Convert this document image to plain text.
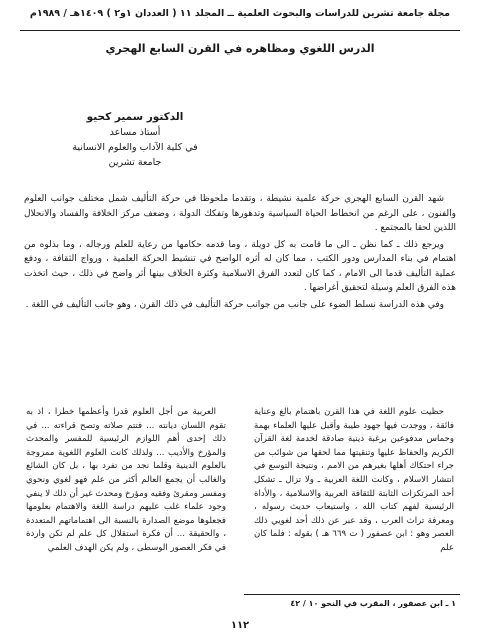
مجلة جامعة تشرين للدراسات والبحوث العلمية ــ المجلد ١١ ( العددان ١و٢ ) ١٤٠٩هـ / ١٩٨٩م
الدرس اللغوي ومظاهره في القرن السابع الهجري
الدكتور سمير كحيو
أستاذ مساعد
في كلية الآداب والعلوم الانسانية
جامعة تشرين

شهد القرن السابع الهجري حركة علمية نشيطة ، وتقدما ملحوظا في حركة التأليف شمل مختلف جوانب العلوم والفنون ، على الرغم من انحطاط الحياة السياسية وتدهورها وتفكك الدولة ، وضعف مركز الخلافة والفساد والانحلال اللذين لحقا بالمجتمع .

ويرجع ذلك ـ كما نظن ـ الى ما قامت به كل دويلة ، وما قدمه حكامها من رعاية للعلم ورجاله ، وما بذلوه من اهتمام في بناء المدارس ودور الكتب ، مما كان له أثره الواضح في تنشيط الحركة العلمية ، ورواج الثقافة ، ودفع عملية التأليف قدما الى الامام ، كما كان لتعدد الفرق الاسلامية وكثرة الخلاف بينها أثر واضح في ذلك ، حيث اتخذت هذه الفرق العلم وسيلة لتحقيق أغراضها .

وفي هذه الدراسة نسلط الضوء على جانب من جوانب حركة التأليف في ذلك القرن ، وهو جانب التأليف في اللغة .

حظيت علوم اللغة في هذا القرن باهتمام بالغ وعناية فائقة ، ووجدت فيها جهود طيبة وأقبل عليها العلماء بهمة وحماس مدفوعين برغبة دينية صادقة لخدمة لغة القرآن الكريم والحفاظ عليها وتنقيتها مما لحقها من شوائب من جراء احتكاك أهلها بغيرهم من الامم ، ونتيجة التوسع في انتشار الاسلام ، وكانت اللغة العربية ـ ولا تزال ـ تشكل أحد المرتكزات الثابتة للثقافة العربية والاسلامية ، والأداة الرئيسية لفهم كتاب الله ، واستيعاب حديث رسوله ، ومعرفة تراث العرب ، وقد عبر عن ذلك أحد لغويي ذلك العصر وهو : ابن عصفور ( ت ٦٦٩ هـ ) بقوله : فلما كان علم

العربية من أجل العلوم قدرا وأعظمها خطرا ، اذ به تقوم اللسان ديانته ... فتتم صلاته وتصح قراءته ... في ذلك إحدى أهم اللوازم الرئيسية للمفسر والمحدث والمؤرخ والأديب ... ولذلك كانت العلوم اللغوية ممزوجة بالعلوم الدينية وقلما نجد من تفرد بها ، بل كان الشائع والغالب أن يجمع العالم أكثر من علم فهو لغوي ونحوي ومفسر ومقرئ وفقيه ومؤرخ ومحدث غير أن ذلك لا ينفي وجود علماء غلب عليهم دراسة اللغة والاهتمام بعلومها فجعلوها موضع الصدارة بالنسبة الى اهتماماتهم المتعددة ، والحقيقة ... أن فكرة استقلال كل علم لم تكن واردة في فكر العصور الوسطى ، ولم يكن الهدف العلمي

١ ـ ابن عصفور ، المقرب في النحو ١٠ / ٤٢
١١٢
